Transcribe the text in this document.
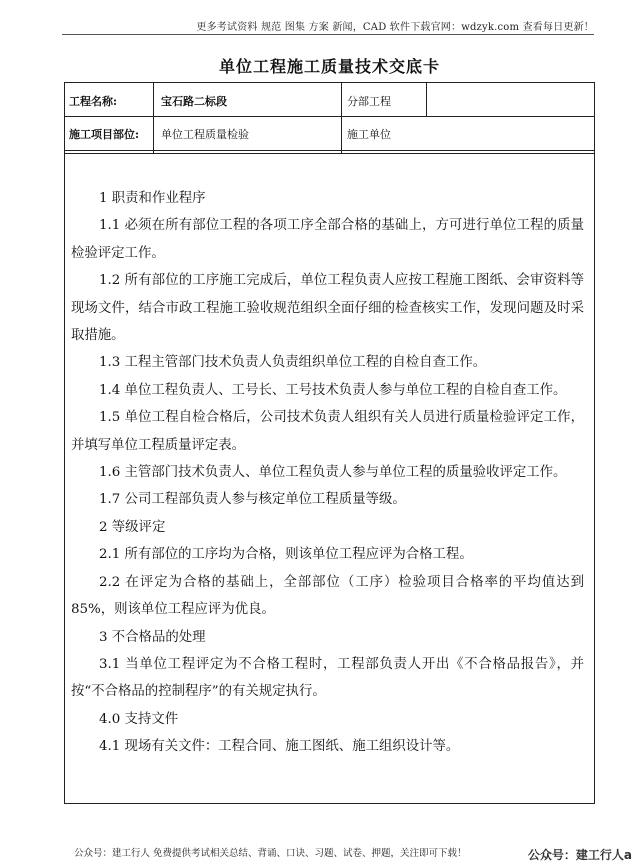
更多考试资料 规范 图集 方案 新闻，CAD 软件下载官网：wdzyk.com 查看每日更新！
单位工程施工质量技术交底卡
工程名称:	宝石路二标段	分部工程
施工项目部位: 单位工程质量检验	施工单位

1 职责和作业程序

1.1 必须在所有部位工程的各项工序全部合格的基础上，方可进行单位工程的质量检验评定工作。

1.2 所有部位的工序施工完成后，单位工程负责人应按工程施工图纸、会审资料等现场文件，结合市政工程施工验收规范组织全面仔细的检查核实工作，发现问题及时采取措施。

1.3 工程主管部门技术负责人负责组织单位工程的自检自查工作。

1.4 单位工程负责人、工号长、工号技术负责人参与单位工程的自检自查工作。

1.5 单位工程自检合格后，公司技术负责人组织有关人员进行质量检验评定工作，并填写单位工程质量评定表。

1.6 主管部门技术负责人、单位工程负责人参与单位工程的质量验收评定工作。

1.7 公司工程部负责人参与核定单位工程质量等级。

2 等级评定

2.1 所有部位的工序均为合格，则该单位工程应评为合格工程。

2.2 在评定为合格的基础上，全部部位（工序）检验项目合格率的平均值达到 85%，则该单位工程应评为优良。

3 不合格品的处理

3.1 当单位工程评定为不合格工程时，工程部负责人开出《不合格品报告》，并按“不合格品的控制程序”的有关规定执行。

4.0 支持文件

4.1 现场有关文件：工程合同、施工图纸、施工组织设计等。

公众号：建工行人 免费提供考试相关总结、背诵、口诀、习题、试卷、押题，关注即可下载！	公众号：建工行人a
